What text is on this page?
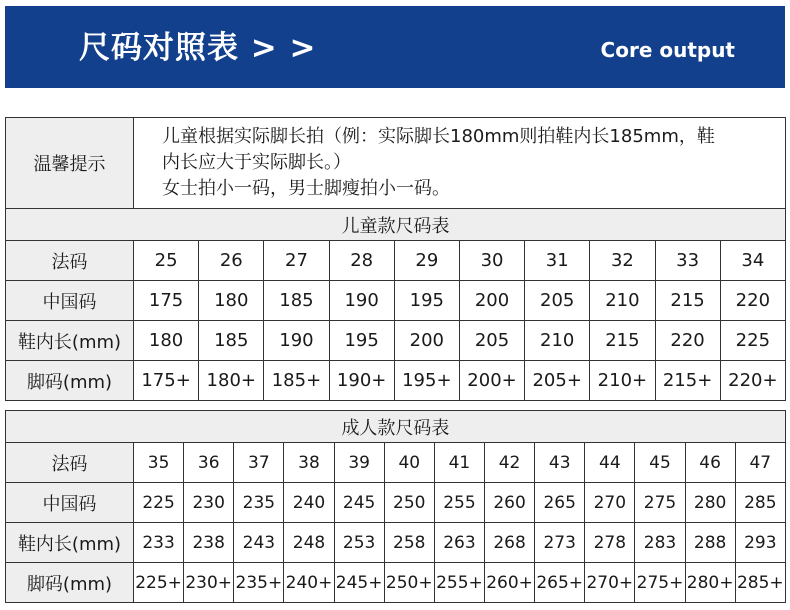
尺码对照表 > >	Core output
温馨提示	儿童根据实际脚长拍（例：实际脚长180mm则拍鞋内长185mm，鞋
内长应大于实际脚长。）
女士拍小一码，男士脚瘦拍小一码。									

儿童款尺码表										
法码	25	26	27	28	29	30	31	32	33	34
中国码	175	180	185	190	195	200	205	210	215	220
鞋内长(mm)	180	185	190	195	200	205	210	215	220	225
脚码(mm)	175+	180+	185+	190+	195+	200+	205+	210+	215+	220+
成人款尺码表													
法码	35	36	37	38	39	40	41	42	43	44	45	46	47
中国码	225	230	235	240	245	250	255	260	265	270	275	280	285
鞋内长(mm)	233	238	243	248	253	258	263	268	273	278	283	288	293
脚码(mm)	225+	230+	235+	240+	245+	250+	255+	260+	265+	270+	275+	280+	285+
